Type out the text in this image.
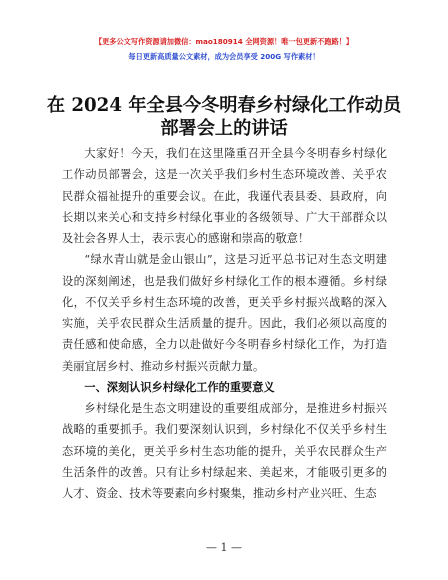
【更多公文写作资源请加微信：mao180914 全网资源！唯一包更新不跑路！】
每日更新高质量公文素材，成为会员享受 200G 写作素材！
在 2024 年全县今冬明春乡村绿化工作动员部署会上的讲话

大家好！今天，我们在这里隆重召开全县今冬明春乡村绿化工作动员部署会，这是一次关乎我们乡村生态环境改善、关乎农民群众福祉提升的重要会议。在此，我谨代表县委、县政府，向长期以来关心和支持乡村绿化事业的各级领导、广大干部群众以及社会各界人士，表示衷心的感谢和崇高的敬意！

“绿水青山就是金山银山”，这是习近平总书记对生态文明建设的深刻阐述，也是我们做好乡村绿化工作的根本遵循。乡村绿化，不仅关乎乡村生态环境的改善，更关乎乡村振兴战略的深入实施，关乎农民群众生活质量的提升。因此，我们必须以高度的责任感和使命感，全力以赴做好今冬明春乡村绿化工作，为打造美丽宜居乡村、推动乡村振兴贡献力量。

一、深刻认识乡村绿化工作的重要意义

乡村绿化是生态文明建设的重要组成部分，是推进乡村振兴战略的重要抓手。我们要深刻认识到，乡村绿化不仅关乎乡村生态环境的美化，更关乎乡村生态功能的提升，关乎农民群众生产生活条件的改善。只有让乡村绿起来、美起来，才能吸引更多的人才、资金、技术等要素向乡村聚集，推动乡村产业兴旺、生态

— 1 —
